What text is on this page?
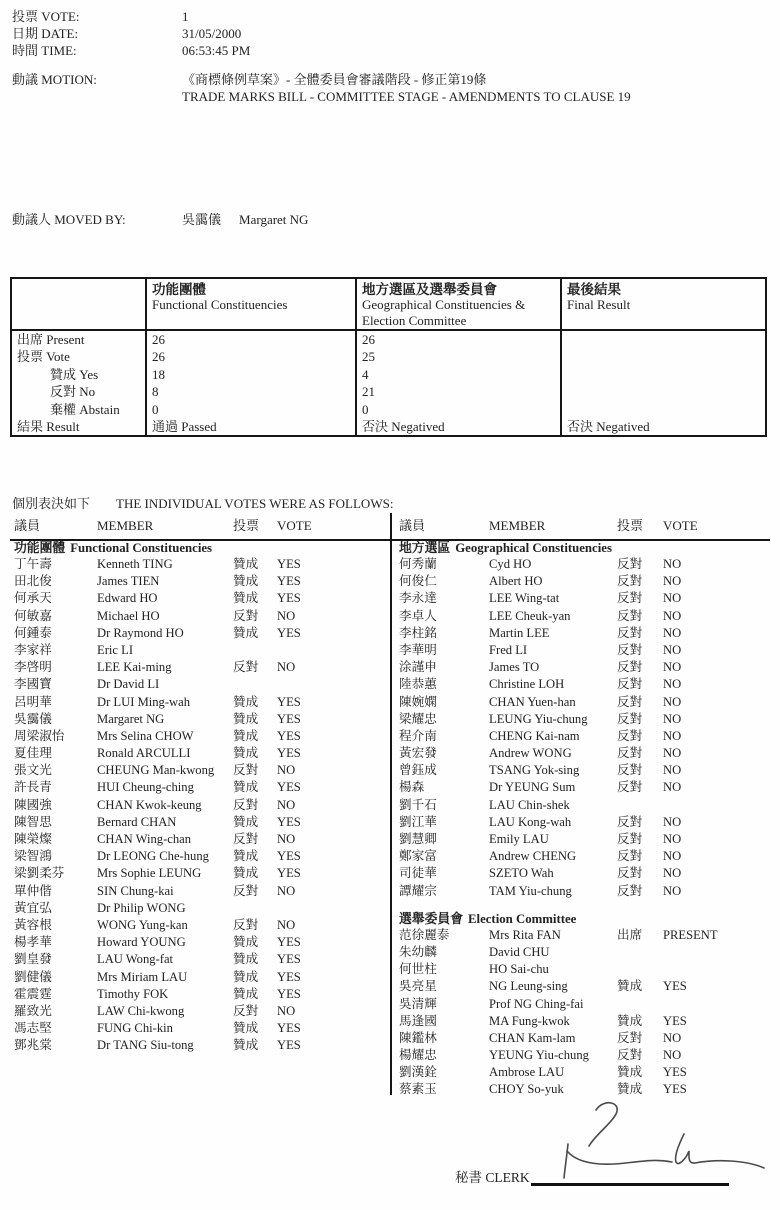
投票 VOTE:	1
日期 DATE:	31/05/2000
時間 TIME:	06:53:45 PM
動議 MOTION:	《商標條例草案》- 全體委員會審議階段 - 修正第19條
TRADE MARKS BILL - COMMITTEE STAGE - AMENDMENTS TO CLAUSE 19
動議人 MOVED BY:	吳靄儀 Margaret NG
功能團體
Functional Constituencies
地方選區及選舉委員會
Geographical Constituencies & Election Committee
最後結果
Final Result
出席 Present	26	26
投票 Vote	26	25
贊成 Yes	18	4
反對 No	8	21
棄權 Abstain	0	0
結果 Result	通過 Passed	否決 Negatived	否決 Negatived
個別表決如下 THE INDIVIDUAL VOTES WERE AS FOLLOWS:
議員	MEMBER	投票	VOTE
功能團體 Functional Constituencies
丁午壽	Kenneth TING	贊成	YES
田北俊	James TIEN	贊成	YES
何承天	Edward HO	贊成	YES
何敏嘉	Michael HO	反對	NO
何鍾泰	Dr Raymond HO	贊成	YES
李家祥	Eric LI
李啓明	LEE Kai-ming	反對	NO
李國寶	Dr David LI
呂明華	Dr LUI Ming-wah	贊成	YES
吳靄儀	Margaret NG	贊成	YES
周梁淑怡	Mrs Selina CHOW	贊成	YES
夏佳理	Ronald ARCULLI	贊成	YES
張文光	CHEUNG Man-kwong	反對	NO
許長青	HUI Cheung-ching	贊成	YES
陳國強	CHAN Kwok-keung	反對	NO
陳智思	Bernard CHAN	贊成	YES
陳榮燦	CHAN Wing-chan	反對	NO
梁智鴻	Dr LEONG Che-hung	贊成	YES
梁劉柔芬	Mrs Sophie LEUNG	贊成	YES
單仲偕	SIN Chung-kai	反對	NO
黃宜弘	Dr Philip WONG
黃容根	WONG Yung-kan	反對	NO
楊孝華	Howard YOUNG	贊成	YES
劉皇發	LAU Wong-fat	贊成	YES
劉健儀	Mrs Miriam LAU	贊成	YES
霍震霆	Timothy FOK	贊成	YES
羅致光	LAW Chi-kwong	反對	NO
馮志堅	FUNG Chi-kin	贊成	YES
鄧兆棠	Dr TANG Siu-tong	贊成	YES
議員	MEMBER	投票	VOTE
地方選區 Geographical Constituencies
何秀蘭	Cyd HO	反對	NO
何俊仁	Albert HO	反對	NO
李永達	LEE Wing-tat	反對	NO
李卓人	LEE Cheuk-yan	反對	NO
李柱銘	Martin LEE	反對	NO
李華明	Fred LI	反對	NO
涂謹申	James TO	反對	NO
陸恭蕙	Christine LOH	反對	NO
陳婉嫻	CHAN Yuen-han	反對	NO
梁耀忠	LEUNG Yiu-chung	反對	NO
程介南	CHENG Kai-nam	反對	NO
黃宏發	Andrew WONG	反對	NO
曾鈺成	TSANG Yok-sing	反對	NO
楊森	Dr YEUNG Sum	反對	NO
劉千石	LAU Chin-shek
劉江華	LAU Kong-wah	反對	NO
劉慧卿	Emily LAU	反對	NO
鄭家富	Andrew CHENG	反對	NO
司徒華	SZETO Wah	反對	NO
譚耀宗	TAM Yiu-chung	反對	NO
選舉委員會 Election Committee
范徐麗泰	Mrs Rita FAN	出席	PRESENT
朱幼麟	David CHU
何世柱	HO Sai-chu
吳亮星	NG Leung-sing	贊成	YES
吳清輝	Prof NG Ching-fai
馬逢國	MA Fung-kwok	贊成	YES
陳鑑林	CHAN Kam-lam	反對	NO
楊耀忠	YEUNG Yiu-chung	反對	NO
劉漢銓	Ambrose LAU	贊成	YES
蔡素玉	CHOY So-yuk	贊成	YES
秘書 CLERK
